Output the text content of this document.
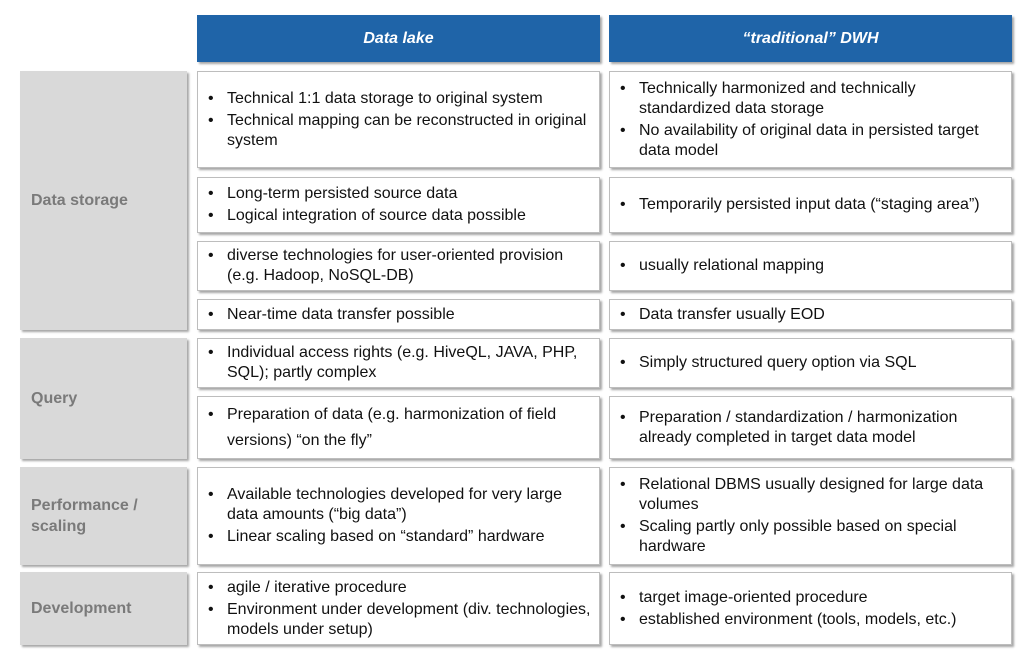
Data lake	“traditional” DWH
Data storage
Query
Performance /
scaling
Development
• Technical 1:1 data storage to original system
• Technical mapping can be reconstructed in original system
• Technically harmonized and technically standardized data storage
• No availability of original data in persisted target data model
• Long-term persisted source data
• Logical integration of source data possible
• Temporarily persisted input data (“staging area”)
• diverse technologies for user-oriented provision (e.g. Hadoop, NoSQL-DB)
• usually relational mapping
• Near-time data transfer possible
•	Data transfer usually EOD
• Individual access rights (e.g. HiveQL, JAVA, PHP, SQL); partly complex
• Simply structured query option via SQL
• Preparation of data (e.g. harmonization of field versions) “on the fly”
• Preparation / standardization / harmonization already completed in target data model
• Available technologies developed for very large data amounts (“big data”)
• Linear scaling based on “standard” hardware
• Relational DBMS usually designed for large data volumes
• Scaling partly only possible based on special hardware
• agile / iterative procedure
• Environment under development (div. technologies, models under setup)
• target image-oriented procedure
• established environment (tools, models, etc.)
